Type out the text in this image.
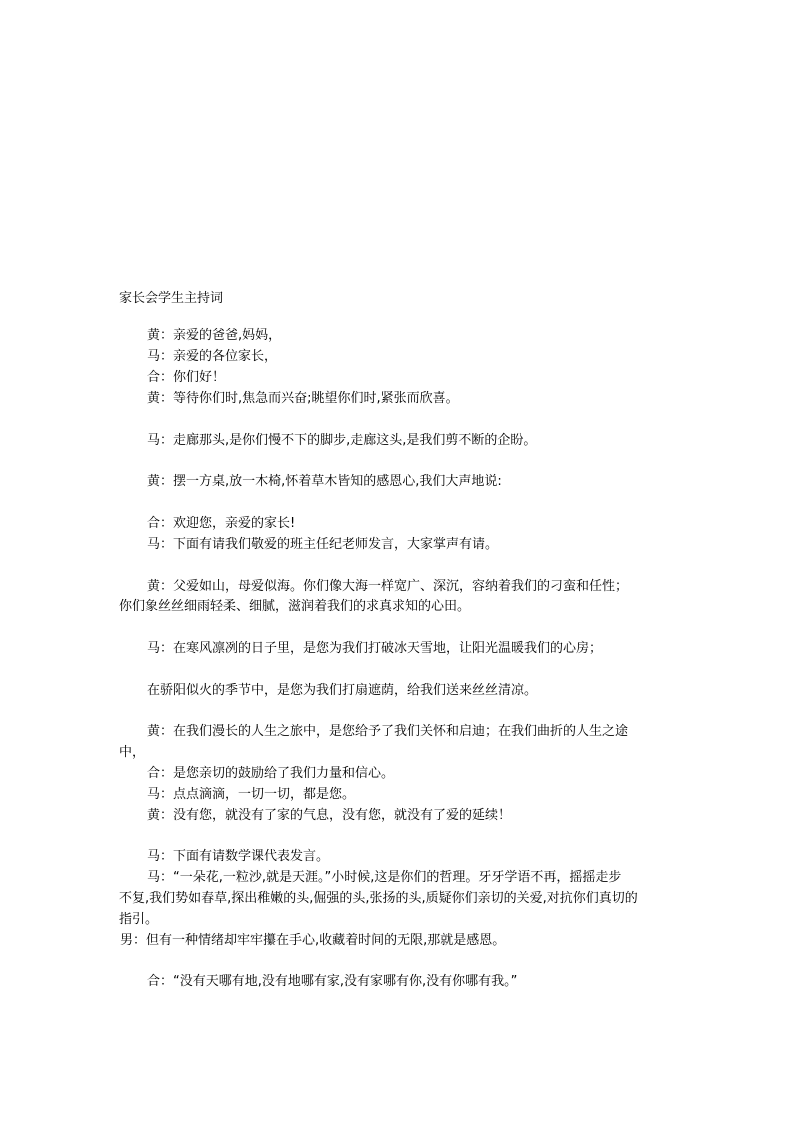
家长会学生主持词
黄：亲爱的爸爸,妈妈，
马：亲爱的各位家长，
合：你们好！
黄：等待你们时,焦急而兴奋;眺望你们时,紧张而欣喜。
马：走廊那头,是你们慢不下的脚步,走廊这头,是我们剪不断的企盼。
黄：摆一方桌,放一木椅,怀着草木皆知的感恩心,我们大声地说:
合：欢迎您，亲爱的家长!
马：下面有请我们敬爱的班主任纪老师发言，大家掌声有请。
黄：父爱如山，母爱似海。你们像大海一样宽广、深沉，容纳着我们的刁蛮和任性；
你们象丝丝细雨轻柔、细腻，滋润着我们的求真求知的心田。
马：在寒风凛冽的日子里，是您为我们打破冰天雪地，让阳光温暖我们的心房；
在骄阳似火的季节中，是您为我们打扇遮荫，给我们送来丝丝清凉。
黄：在我们漫长的人生之旅中，是您给予了我们关怀和启迪；在我们曲折的人生之途
中，
合：是您亲切的鼓励给了我们力量和信心。
马：点点滴滴，一切一切，都是您。
黄：没有您，就没有了家的气息，没有您，就没有了爱的延续！
马：下面有请数学课代表发言。
马：“一朵花,一粒沙,就是天涯。”小时候,这是你们的哲理。牙牙学语不再，摇摇走步
不复,我们势如春草,探出稚嫩的头,倔强的头,张扬的头,质疑你们亲切的关爱,对抗你们真切的
指引。
男：但有一种情绪却牢牢攥在手心,收藏着时间的无限,那就是感恩。
合：“没有天哪有地,没有地哪有家,没有家哪有你,没有你哪有我。”
